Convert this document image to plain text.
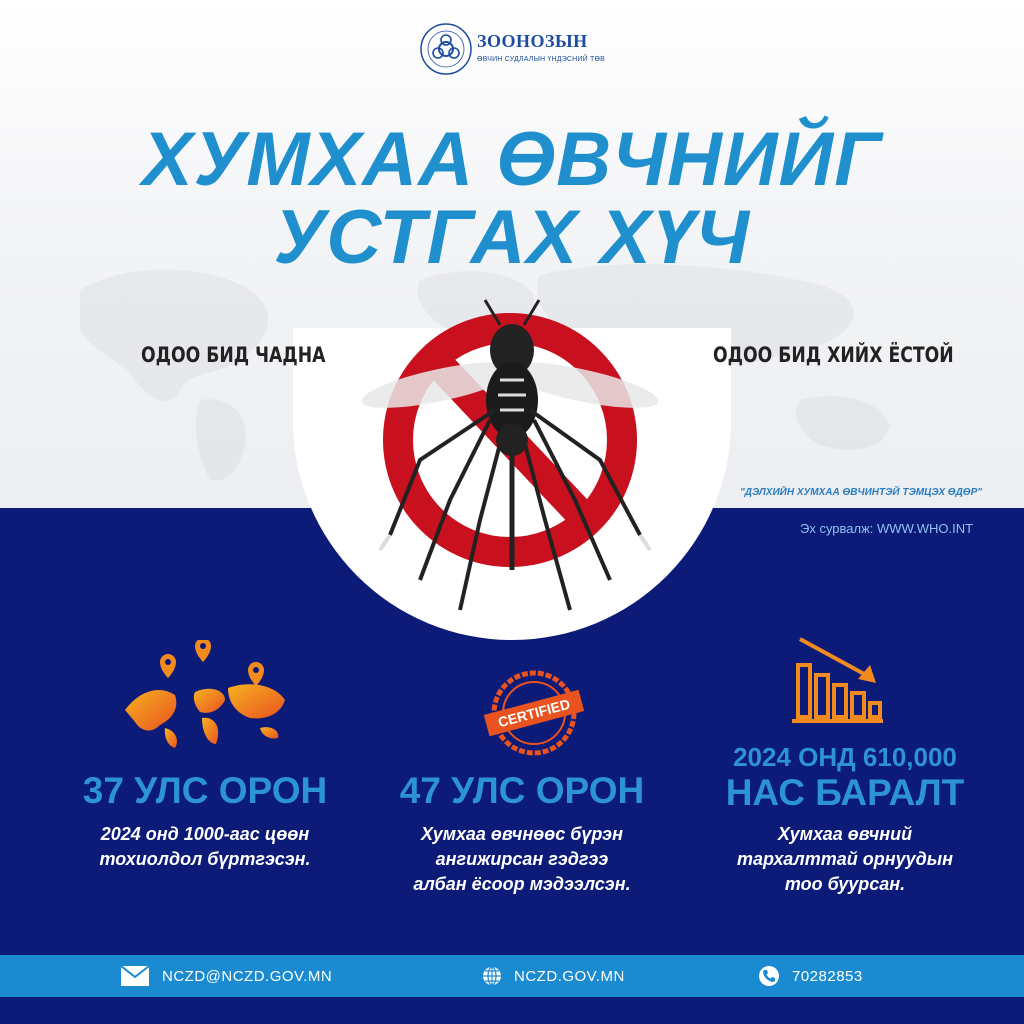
ЗООНОЗЫН
ӨВЧИН СУДЛАЛЫН ҮНДЭСНИЙ ТӨВ
ХУМХАА ӨВЧНИЙГ
УСТГАХ ХҮЧ
ОДОО БИД ЧАДНА	ОДОО БИД ХИЙХ ЁСТОЙ
"ДЭЛХИЙН ХУМХАА ӨВЧИНТЭЙ ТЭМЦЭХ ӨДӨР"
Эх сурвалж: WWW.WHO.INT
37 УЛС ОРОН
2024 онд 1000-аас цөөн
тохиолдол бүртгэсэн.
CERTIFIED
47 УЛС ОРОН
Хумхаа өвчнөөс бүрэн
ангижирсан гэдгээ
албан ёсоор мэдээлсэн.
2024 ОНД 610,000
НАС БАРАЛТ
Хумхаа өвчний
тархалттай орнуудын
тоо буурсан.
NCZD@NCZD.GOV.MN	NCZD.GOV.MN	70282853
